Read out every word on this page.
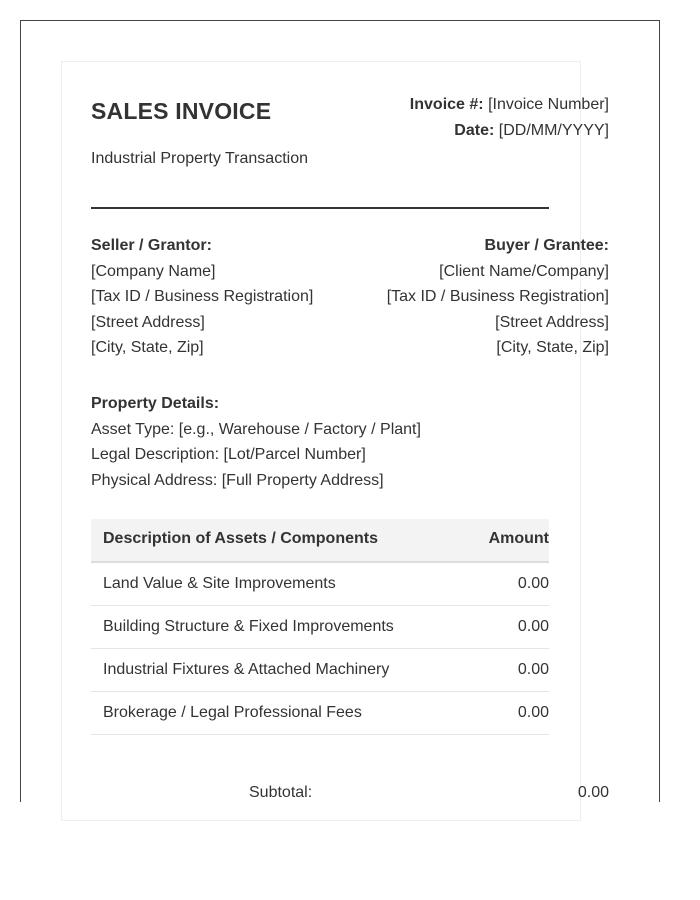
SALES INVOICE
Industrial Property Transaction
Invoice #: [Invoice Number]
Date: [DD/MM/YYYY]
Seller / Grantor:
[Company Name]
[Tax ID / Business Registration]
[Street Address]
[City, State, Zip]
Buyer / Grantee:
[Client Name/Company]
[Tax ID / Business Registration]
[Street Address]
[City, State, Zip]
Property Details:
Asset Type: [e.g., Warehouse / Factory / Plant]
Legal Description: [Lot/Parcel Number]
Physical Address: [Full Property Address]
Description of Assets / Components	Amount
Land Value & Site Improvements	0.00
Building Structure & Fixed Improvements	0.00
Industrial Fixtures & Attached Machinery	0.00
Brokerage / Legal Professional Fees	0.00
Subtotal:	0.00
